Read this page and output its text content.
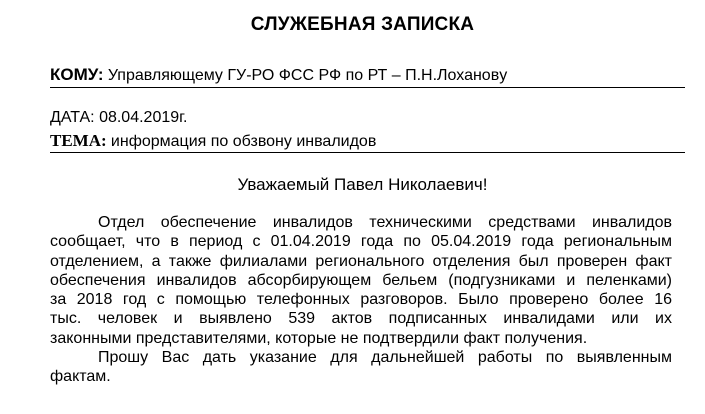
СЛУЖЕБНАЯ ЗАПИСКА
КОМУ: Управляющему ГУ-РО ФСС РФ по РТ – П.Н.Лохановy
ДАТА: 08.04.2019г.
ТЕМА: информация по обзвону инвалидов
Уважаемый Павел Николаевич!
Отдел обеспечение инвалидов техническими средствами инвалидов
сообщает, что в период с 01.04.2019 года по 05.04.2019 года региональным
отделением, а также филиалами регионального отделения был проверен факт
обеспечения инвалидов абсорбирующем бельем (подгузниками и пеленками)
за 2018 год с помощью телефонных разговоров. Было проверено более 16
тыс. человек и выявлено 539 актов подписанных инвалидами или их
законными представителями, которые не подтвердили факт получения.
Прошу Вас дать указание для дальнейшей работы по выявленным
фактам.
